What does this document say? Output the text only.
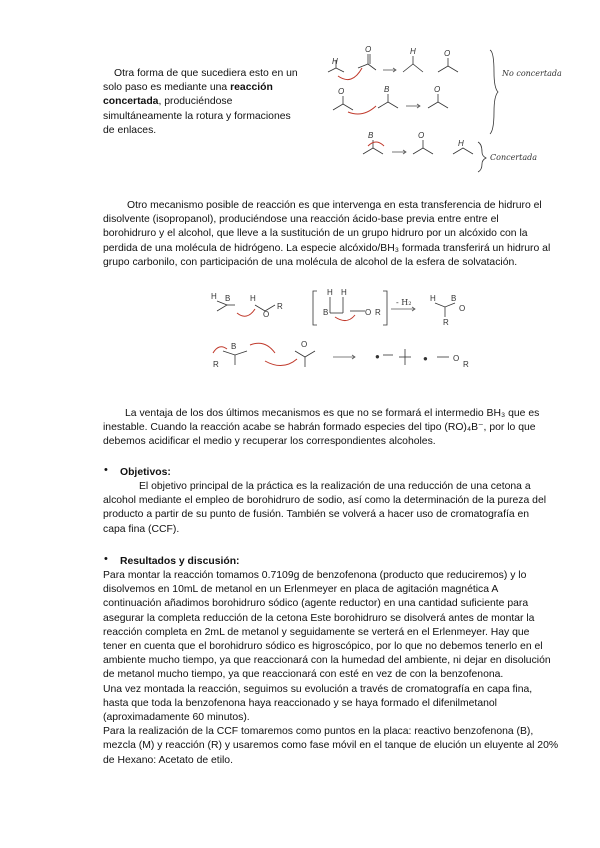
Otra forma de que sucediera esto en un solo paso es mediante una reacción concertada, produciéndose simultáneamente la rotura y formaciones de enlaces.
H
O	H	O
O	B	O
B	O
H
No concertada
Concertada
Otro mecanismo posible de reacción es que intervenga en esta transferencia de hidruro el
disolvente (isopropanol), produciéndose una reacción ácido-base previa entre entre el
borohidruro y el alcohol, que lleve a la sustitución de un grupo hidruro por un alcóxido con la
perdida de una molécula de hidrógeno. La especie alcóxido/BH₃ formada transferirá un hidruro al
grupo carbonilo, con participación de una molécula de alcohol de la esfera de solvatación.
H B H
O
R
H H
B	O R
H B
O
R
R
B	O
●	●	O
R
- H₂
La ventaja de los dos últimos mecanismos es que no se formará el intermedio BH₃ que es
inestable. Cuando la reacción acabe se habrán formado especies del tipo (RO)₄B⁻, por lo que
debemos acidificar el medio y recuperar los correspondientes alcoholes.
• Objetivos:
El objetivo principal de la práctica es la realización de una reducción de una cetona a
alcohol mediante el empleo de borohidruro de sodio, así como la determinación de la pureza del
producto a partir de su punto de fusión. También se volverá a hacer uso de cromatografía en
capa fina (CCF).
• Resultados y discusión:
Para montar la reacción tomamos 0.7109g de benzofenona (producto que reduciremos) y lo
disolvemos en 10mL de metanol en un Erlenmeyer en placa de agitación magnética A
continuación añadimos borohidruro sódico (agente reductor) en una cantidad suficiente para
asegurar la completa reducción de la cetona Este borohidruro se disolverá antes de montar la
reacción completa en 2mL de metanol y seguidamente se verterá en el Erlenmeyer. Hay que
tener en cuenta que el borohidruro sódico es higroscópico, por lo que no debemos tenerlo en el
ambiente mucho tiempo, ya que reaccionará con la humedad del ambiente, ni dejar en disolución
de metanol mucho tiempo, ya que reaccionará con esté en vez de con la benzofenona.
Una vez montada la reacción, seguimos su evolución a través de cromatografía en capa fina,
hasta que toda la benzofenona haya reaccionado y se haya formado el difenilmetanol
(aproximadamente 60 minutos).
Para la realización de la CCF tomaremos como puntos en la placa: reactivo benzofenona (B),
mezcla (M) y reacción (R) y usaremos como fase móvil en el tanque de elución un eluyente al 20%
de Hexano: Acetato de etilo.
